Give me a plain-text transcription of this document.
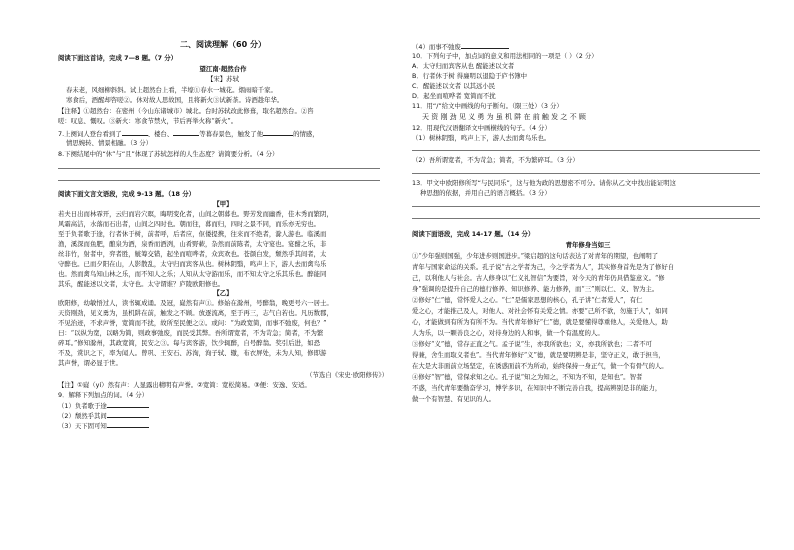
二、阅读理解（60 分）
阅读下面这首诗，完成 7—8 题。（7 分）
望江南·超然台作
【宋】苏轼
春未老，风细柳斜斜。试上超然台上看，半壕①春水一城花。烟雨暗千家。
寒食后，酒醒却咨嗟②。休对故人思故国，且将新火③试新茶。诗酒趁年华。
【注释】①超然台：在密州（今山东诸城市）城北。台时苏轼改此修葺，取名超然台。②咨
嗟：叹息、慨叹。③新火：寒食节禁火，节后再举火称“新火”。
7.上阕词人登台看到了	、楼台、	等暮春景色，触发了他	的情感，
情思婉转、情景相融。（3 分）
8.下阕结尾中的“休”与“且”体现了苏轼怎样的人生态度？请简要分析。（4 分）
阅读下面文言文语段，完成 9-13 题。（18 分）
【甲】
若夫日出而林霏开，云归而岩穴暝，晦明变化者，山间之朝暮也。野芳发而幽香，佳木秀而繁阴，
风霜高洁，水落而石出者，山间之四时也。朝而往，暮而归，四时之景不同，而乐亦无穷也。
至于负者歌于途，行者休于树，前者呼，后者应，伛偻提携，往来而不绝者，滁人游也。临溪而
渔，溪深而鱼肥，酿泉为酒，泉香而酒洌，山肴野蔌，杂然而前陈者，太守宴也。宴酣之乐，非
丝非竹，射者中，弈者胜，觥筹交错，起坐而喧哗者，众宾欢也。苍颜白发，颓然乎其间者，太
守醉也。已而夕阳在山，人影散乱，太守归而宾客从也。树林阴翳，鸣声上下，游人去而禽鸟乐
也。然而禽鸟知山林之乐，而不知人之乐；人知从太守游而乐，而不知太守之乐其乐也。醉能同
其乐，醒能述以文者，太守也。太守谓谁？庐陵欧阳修也。
【乙】
欧阳修，幼敏悟过人，读书辄成诵。及冠，嶷然有声①。修始在滁州，号醉翁，晚更号六一居士。
天资刚劲，见义勇为，虽机阱在前，触发之不顾。放逐流离，至于再三，志气自若也。凡历数郡，
不见治迹，不求声誉，宽简而不扰，故所至民便之②。或问：“为政宽简，而事不弛废，何也？”
曰：“以纵为宽，以略为简，则政事弛废，而民受其弊。吾所谓宽者，不为苛急；简者，不为繁
碎耳。”修知滁州，其政宽简，民安之③。每与宾客游，饮少辄醉，自号醉翁。奖引后进，如恐
不及，赏识之下，率为闻人。曾巩、王安石、苏洵，洵子轼、辙，布衣屏处，未为人知，修即游
其声誉，谓必显于世。
（节选自《宋史·欧阳修传》）
【注】①嶷（yí）然有声：人显露出精明有声誉。②宽简：宽松简易。③便：安逸、安适。
9．解释下列加点的词。（4 分）
（1）负者歌于途
（2）颓然乎其间
（3）天下固可知
（4）而事不弛废
10．下列句子中，加点词的意义和用法相同的一项是（ ）（2 分）
A．太守归而宾客从也 醒能述以文者
B．行者休于树 得廉明以退隐于庐书簿中
C．醒能述以文者 以其远小民
D．起坐而喧哗者 宽简而不扰
11．用“/”给文中画线的句子断句。（限三处）（3 分）
天 资 刚 劲 见 义 勇 为 虽 机 阱 在 前 触 发 之 不 顾
12．用现代汉语翻译文中画横线的句子。（4 分）
（1）树林阴翳，鸣声上下，游人去而禽鸟乐也。
（2）吾所谓宽者，不为苛急；简者，不为繁碎耳。（3 分）
13．甲文中欧阳修所写“与民同乐”，这与他为政的思想密不可分。请你从乙文中找出能证明这
种思想的依据，并用自己的语言概括。（3 分）
阅读下面语段，完成 14-17 题。（14 分）
青年修身当如三
①“少年强则国强，少年进步则国进步。”梁启超的这句话表达了对青年的期望，也阐明了
青年与国家命运的关系。孔子说“古之学者为己，今之学者为人”，其实修身首先是为了修好自
己，以利他人与社会。古人修身以“仁义礼智信”为要旨，对今天的青年仍具借鉴意义。“修
身”强调的是提升自己的德行修养、知识修养、能力修养，而“三”则以仁、义、智为主。
②修好“仁”德，常怀爱人之心。“仁”是儒家思想的核心，孔子讲“仁者爱人”，有仁
爱之心，才能推己及人，对他人、对社会怀有关爱之情。亦要“己所不欲，勿施于人”，如同
心，才能做到有所为有所不为。当代青年修好“仁”德，就是要懂得尊重他人，关爱他人，助
人为乐，以一颗善良之心，对待身边的人和事，做一个有温度的人。
③修好“义”德，常存正直之气。孟子说“生，亦我所欲也；义，亦我所欲也；二者不可
得兼，舍生而取义者也”。当代青年修好“义”德，就是要明辨是非，坚守正义，敢于担当，
在大是大非面前立场坚定，在诱惑面前不为所动，始终保持一身正气，做一个有骨气的人。
④修好“智”德，常保求知之心。孔子说“知之为知之，不知为不知，是知也”。智者
不惑，当代青年要勤奋学习，博学多识，在知识中不断完善自我，提高辨别是非的能力，
做一个有智慧、有见识的人。
